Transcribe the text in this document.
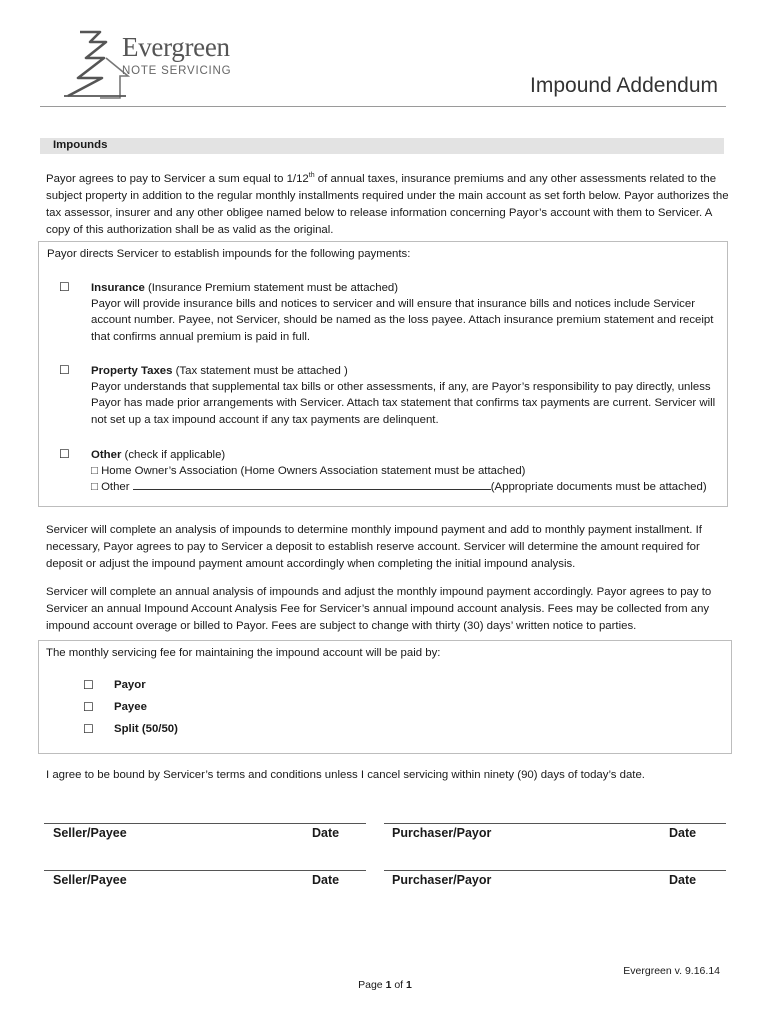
Evergreen
NOTE SERVICING
Impound Addendum
Impounds
Payor agrees to pay to Servicer a sum equal to 1/12th of annual taxes, insurance premiums and any other assessments related to the subject property in addition to the regular monthly installments required under the main account as set forth below. Payor authorizes the tax assessor, insurer and any other obligee named below to release information concerning Payor’s account with them to Servicer. A copy of this authorization shall be as valid as the original.
Payor directs Servicer to establish impounds for the following payments:
☐ Insurance (Insurance Premium statement must be attached)
Payor will provide insurance bills and notices to servicer and will ensure that insurance bills and notices include Servicer account number. Payee, not Servicer, should be named as the loss payee. Attach insurance premium statement and receipt that confirms annual premium is paid in full.
☐ Property Taxes (Tax statement must be attached )
Payor understands that supplemental tax bills or other assessments, if any, are Payor’s responsibility to pay directly, unless Payor has made prior arrangements with Servicer. Attach tax statement that confirms tax payments are current. Servicer will not set up a tax impound account if any tax payments are delinquent.
☐ Other (check if applicable)
□ Home Owner’s Association (Home Owners Association statement must be attached)
□ Other	(Appropriate documents must be attached)
Servicer will complete an analysis of impounds to determine monthly impound payment and add to monthly payment installment. If necessary, Payor agrees to pay to Servicer a deposit to establish reserve account. Servicer will determine the amount required for deposit or adjust the impound payment amount accordingly when completing the initial impound analysis.
Servicer will complete an annual analysis of impounds and adjust the monthly impound payment accordingly. Payor agrees to pay to Servicer an annual Impound Account Analysis Fee for Servicer’s annual impound account analysis. Fees may be collected from any impound account overage or billed to Payor. Fees are subject to change with thirty (30) days’ written notice to parties.
The monthly servicing fee for maintaining the impound account will be paid by:
☐ Payor
☐ Payee
☐ Split (50/50)
I agree to be bound by Servicer’s terms and conditions unless I cancel servicing within ninety (90) days of today’s date.
Seller/Payee	Date	Purchaser/Payor	Date
Seller/Payee	Date	Purchaser/Payor	Date
Evergreen v. 9.16.14
Page 1 of 1
